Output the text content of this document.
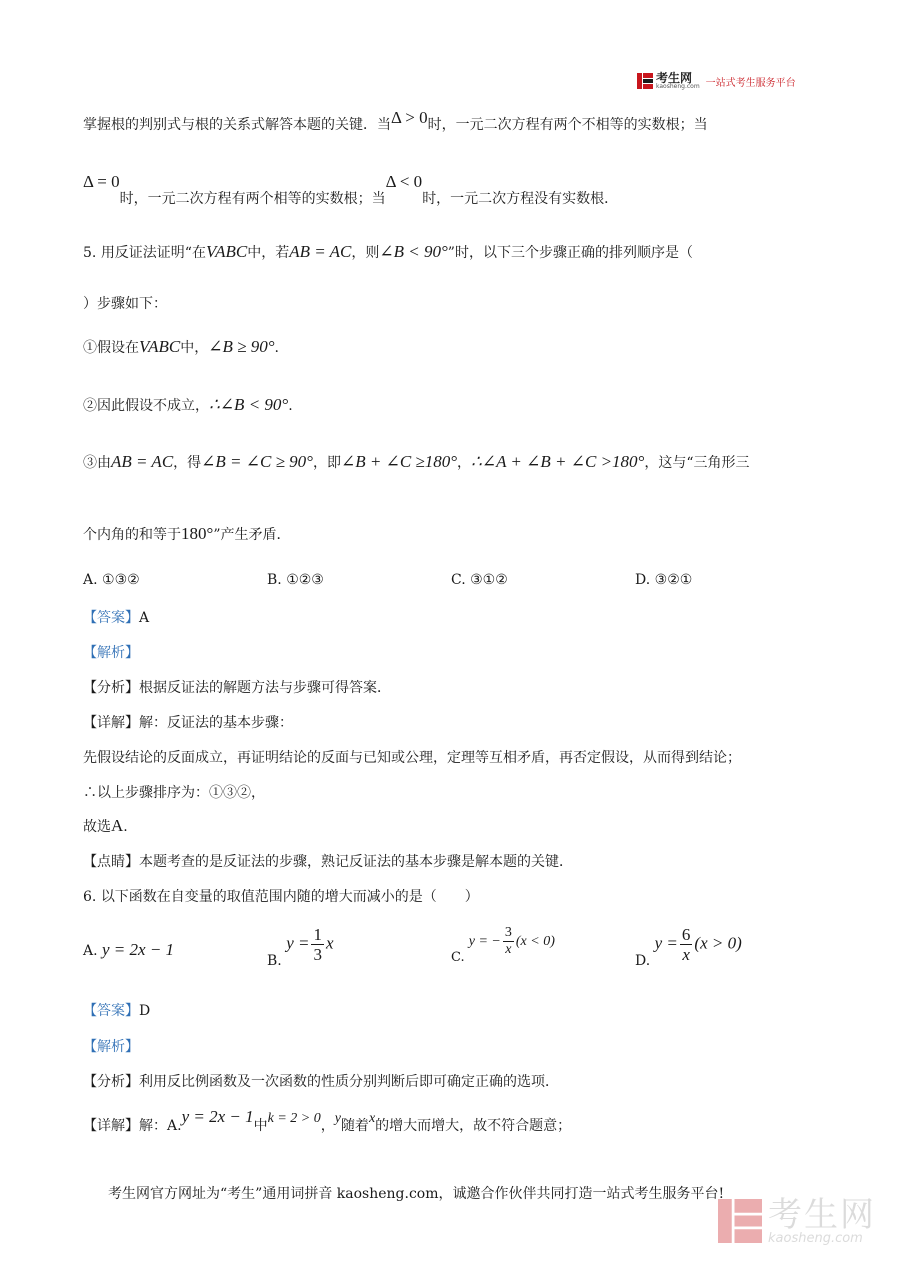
考生网
kaosheng.com 一站式考生服务平台
掌握根的判别式与根的关系式解答本题的关键．当Δ > 0时，一元二次方程有两个不相等的实数根；当
Δ = 0时，一元二次方程有两个相等的实数根；当Δ < 0时，一元二次方程没有实数根．
5. 用反证法证明“在VABC中，若AB = AC，则∠B < 90°”时，以下三个步骤正确的排列顺序是（
）步骤如下：
①假设在VABC中，∠B ≥ 90°.
②因此假设不成立，∴∠B < 90°.
③由AB = AC，得∠B = ∠C ≥ 90°，即∠B + ∠C ≥180°，∴∠A + ∠B + ∠C >180°，这与“三角形三
个内角的和等于180°”产生矛盾．
A. ①③②	B. ①②③	C. ③①②	D. ③②①
【答案】A
【解析】
【分析】根据反证法的解题方法与步骤可得答案．
【详解】解：反证法的基本步骤：
先假设结论的反面成立，再证明结论的反面与已知或公理，定理等互相矛盾，再否定假设，从而得到结论；
∴以上步骤排序为：①③②，
故选A.
【点睛】本题考查的是反证法的步骤，熟记反证法的基本步骤是解本题的关键．
6. 以下函数在自变量的取值范围内随的增大而减小的是（　　）
A. y = 2x − 1
B. $y = \frac{1}{3}$ x
C. y = − $\frac{3}{x} (x < 0)$
D. $y = \frac{6}{x} (x > 0)$
【答案】D
【解析】
【分析】利用反比例函数及一次函数的性质分别判断后即可确定正确的选项．
【详解】解：A.y = 2x − 1中k = 2 > 0，y随着x的增大而增大，故不符合题意；
考生网官方网址为“考生”通用词拼音 kaosheng.com，诚邀合作伙伴共同打造一站式考生服务平台!
考生网
kaosheng.com
